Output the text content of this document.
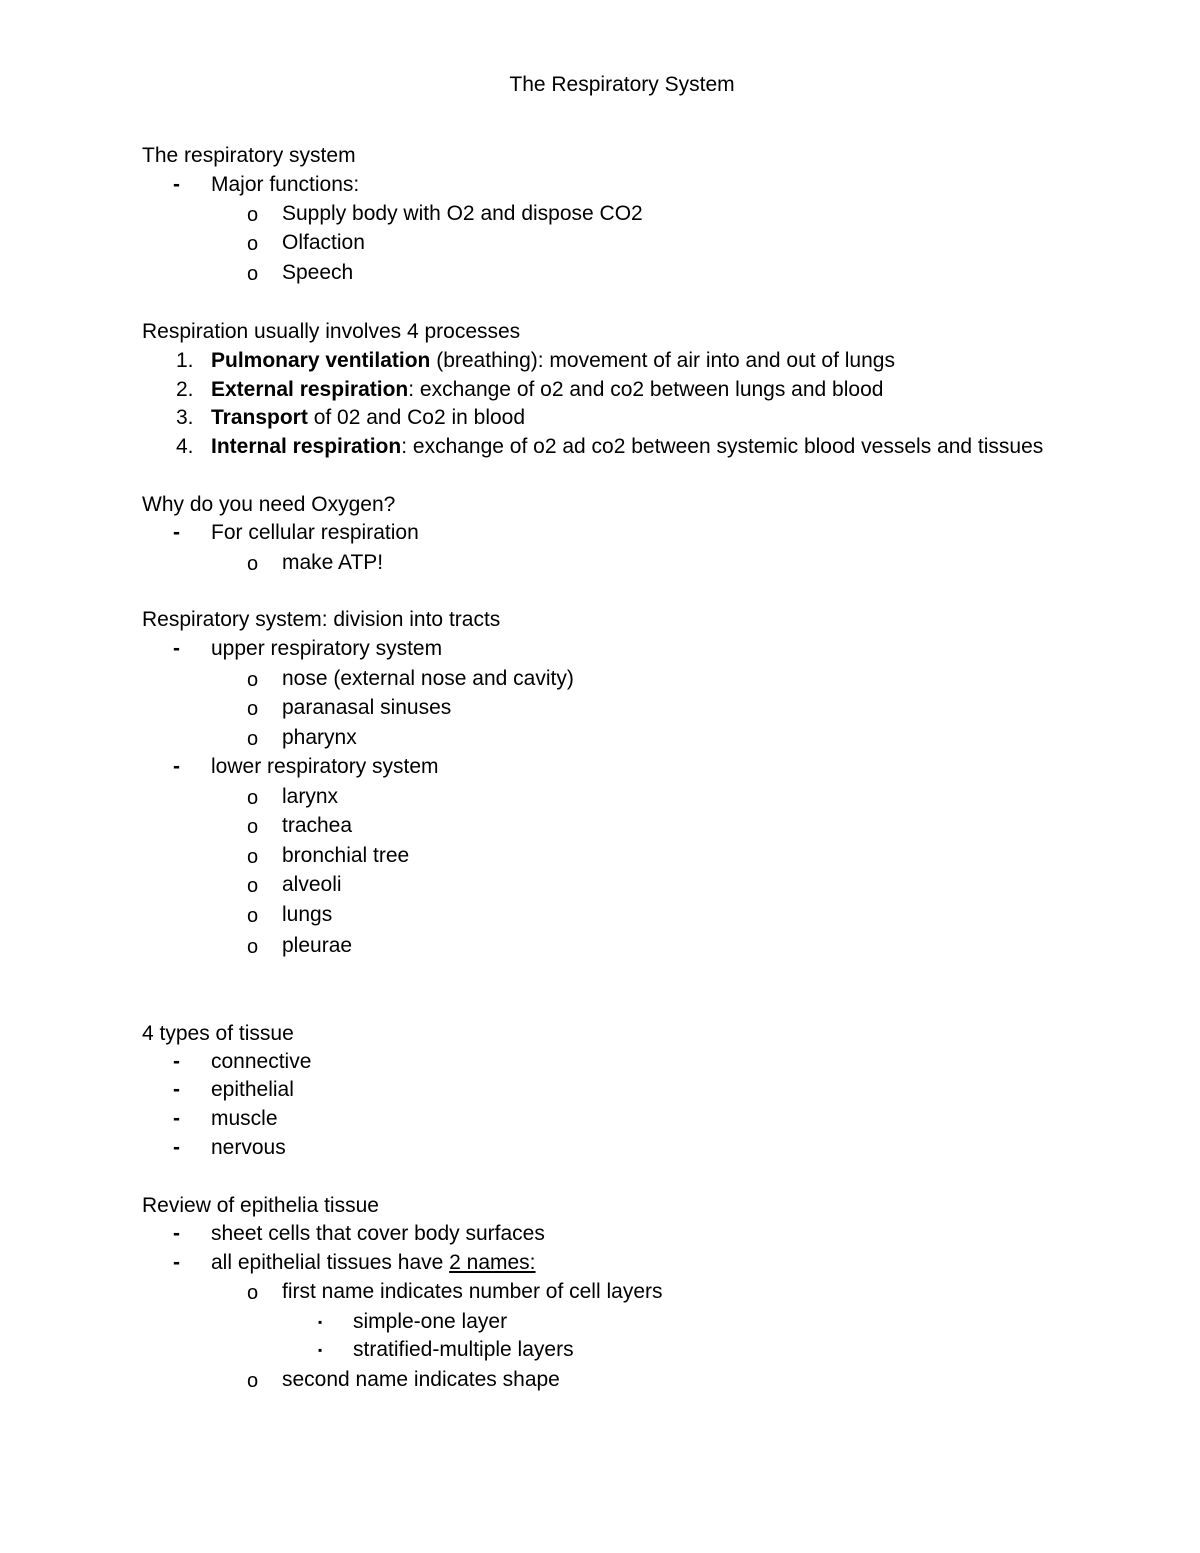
The Respiratory System
The respiratory system
- Major functions:
o Supply body with O2 and dispose CO2
o Olfaction
o Speech
Respiration usually involves 4 processes
1. Pulmonary ventilation (breathing): movement of air into and out of lungs
2. External respiration: exchange of o2 and co2 between lungs and blood
3. Transport of 02 and Co2 in blood
4. Internal respiration: exchange of o2 ad co2 between systemic blood vessels and tissues
Why do you need Oxygen?
- For cellular respiration
o make ATP!
Respiratory system: division into tracts
- upper respiratory system
o nose (external nose and cavity)
o paranasal sinuses
o pharynx
- lower respiratory system
o larynx
o trachea
o bronchial tree
o alveoli
o lungs
o pleurae
4 types of tissue
- connective
- epithelial
- muscle
- nervous
Review of epithelia tissue
- sheet cells that cover body surfaces
- all epithelial tissues have 2 names:
o first name indicates number of cell layers
▪ simple-one layer
▪ stratified-multiple layers
o second name indicates shape
